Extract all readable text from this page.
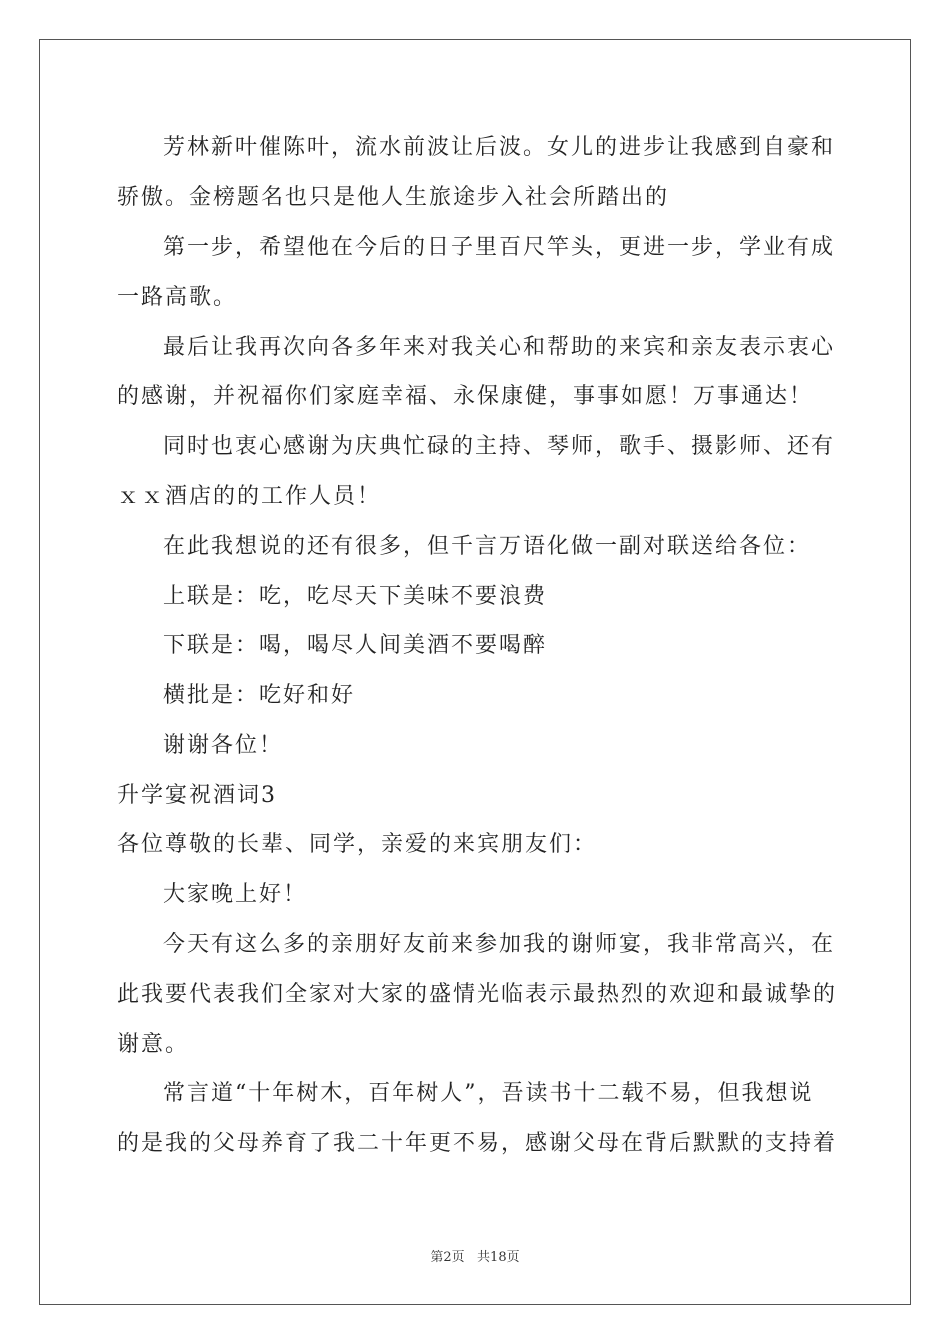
芳林新叶催陈叶，流水前波让后波。女儿的进步让我感到自豪和
骄傲。金榜题名也只是他人生旅途步入社会所踏出的
第一步，希望他在今后的日子里百尺竿头，更进一步，学业有成
一路高歌。
最后让我再次向各多年来对我关心和帮助的来宾和亲友表示衷心
的感谢，并祝福你们家庭幸福、永保康健，事事如愿！万事通达！
同时也衷心感谢为庆典忙碌的主持、琴师，歌手、摄影师、还有
ｘｘ酒店的的工作人员！
在此我想说的还有很多，但千言万语化做一副对联送给各位：
上联是：吃，吃尽天下美味不要浪费
下联是：喝，喝尽人间美酒不要喝醉
横批是：吃好和好
谢谢各位！
升学宴祝酒词3
各位尊敬的长辈、同学，亲爱的来宾朋友们：
大家晚上好！
今天有这么多的亲朋好友前来参加我的谢师宴，我非常高兴，在
此我要代表我们全家对大家的盛情光临表示最热烈的欢迎和最诚挚的
谢意。
常言道“十年树木，百年树人”，吾读书十二载不易，但我想说
的是我的父母养育了我二十年更不易，感谢父母在背后默默的支持着
第2页   共18页
